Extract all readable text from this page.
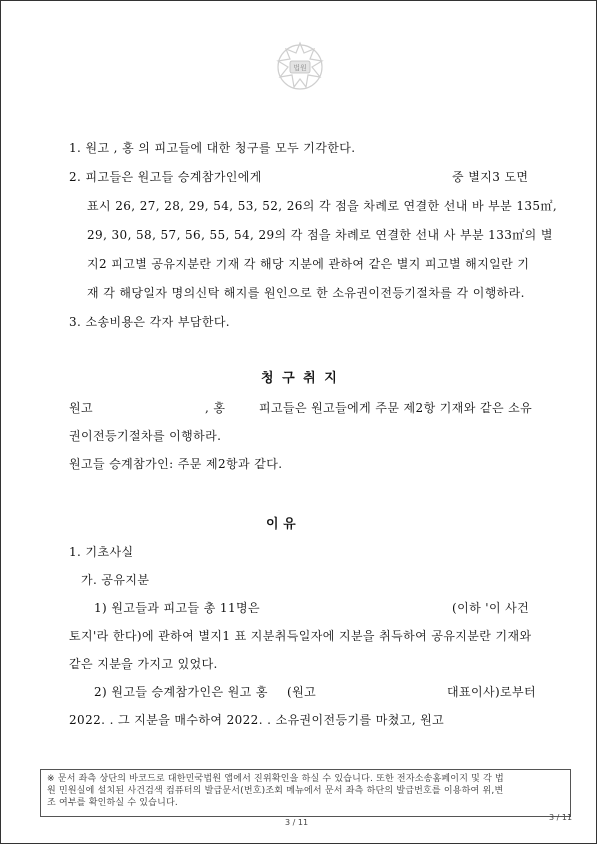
법원
1. 원고 , 홍 의 피고들에 대한 청구를 모두 기각한다.
2. 피고들은 원고들 승계참가인에게	중 별지3 도면
표시 26, 27, 28, 29, 54, 53, 52, 26의 각 점을 차례로 연결한 선내 바 부분 135㎡,
29, 30, 58, 57, 56, 55, 54, 29의 각 점을 차례로 연결한 선내 사 부분 133㎡의 별
지2 피고별 공유지분란 기재 각 해당 지분에 관하여 같은 별지 피고별 해지일란 기
재 각 해당일자 명의신탁 해지를 원인으로 한 소유권이전등기절차를 각 이행하라.
3. 소송비용은 각자 부담한다.
청 구 취 지
원고	, 홍	피고들은 원고들에게 주문 제2항 기재와 같은 소유
권이전등기절차를 이행하라.
원고들 승계참가인: 주문 제2항과 같다.
이 유
1. 기초사실
가. 공유지분
1) 원고들과 피고들 총 11명은	(이하 '이 사건
토지'라 한다)에 관하여 별지1 표 지분취득일자에 지분을 취득하여 공유지분란 기재와
같은 지분을 가지고 있었다.
2) 원고들 승계참가인은 원고 홍 (원고	대표이사)로부터
2022. . 그 지분을 매수하여 2022. . 소유권이전등기를 마쳤고, 원고
※ 문서 좌측 상단의 바코드로 대한민국법원 앱에서 진위확인을 하실 수 있습니다. 또한 전자소송홈페이지 및 각 법
원 민원실에 설치된 사건검색 컴퓨터의 발급문서(번호)조회 메뉴에서 문서 좌측 하단의 발급번호를 이용하여 위,변
조 여부를 확인하실 수 있습니다.
3 / 11
3 / 11
